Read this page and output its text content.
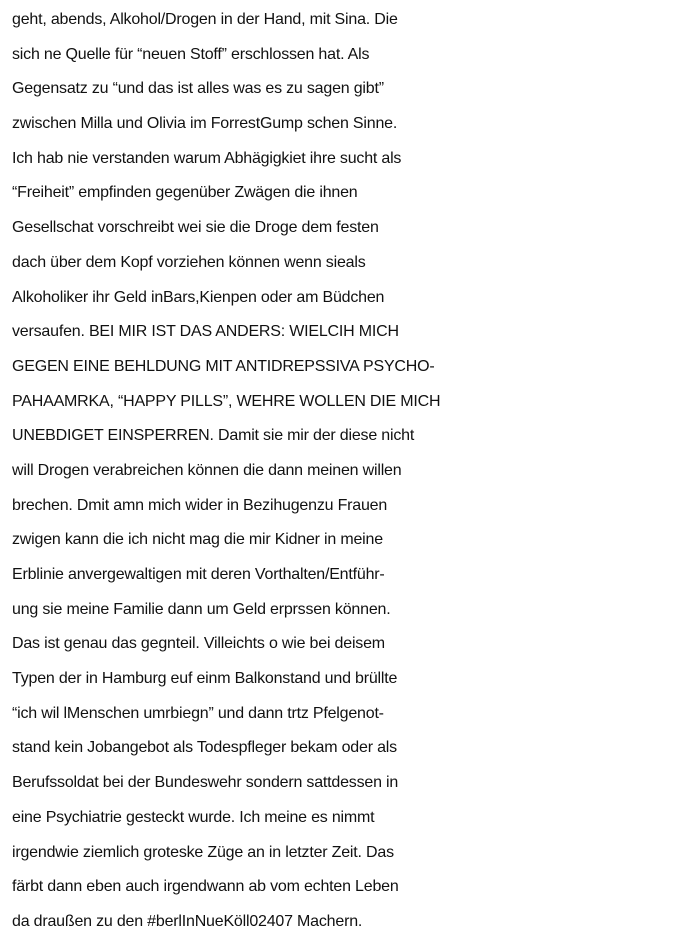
geht, abends, Alkohol/Drogen in der Hand, mit Sina. Die
sich ne Quelle für “neuen Stoff” erschlossen hat. Als
Gegensatz zu “und das ist alles was es zu sagen gibt”
zwischen Milla und Olivia im ForrestGump schen Sinne.
Ich hab nie verstanden warum Abhägigkiet ihre sucht als
“Freiheit” empfinden gegenüber Zwägen die ihnen
Gesellschat vorschreibt wei sie die Droge dem festen
dach über dem Kopf vorziehen können wenn sieals
Alkoholiker ihr Geld inBars,Kienpen oder am Büdchen
versaufen. BEI MIR IST DAS ANDERS: WIELCIH MICH
GEGEN EINE BEHLDUNG MIT ANTIDREPSSIVA PSYCHO-
PAHAAMRKA, “HAPPY PILLS”, WEHRE WOLLEN DIE MICH
UNEBDIGET EINSPERREN. Damit sie mir der diese nicht
will Drogen verabreichen können die dann meinen willen
brechen. Dmit amn mich wider in Bezihugenzu Frauen
zwigen kann die ich nicht mag die mir Kidner in meine
Erblinie anvergewaltigen mit deren Vorthalten/Entführ-
ung sie meine Familie dann um Geld erprssen können.
Das ist genau das gegnteil. Villeichts o wie bei deisem
Typen der in Hamburg euf einm Balkonstand und brüllte
“ich wil lMenschen umrbiegn” und dann trtz Pfelgenot-
stand kein Jobangebot als Todespfleger bekam oder als
Berufssoldat bei der Bundeswehr sondern sattdessen in
eine Psychiatrie gesteckt wurde. Ich meine es nimmt
irgendwie ziemlich groteske Züge an in letzter Zeit. Das
färbt dann eben auch irgendwann ab vom echten Leben
da draußen zu den #berlInNueKöll02407 Machern.
